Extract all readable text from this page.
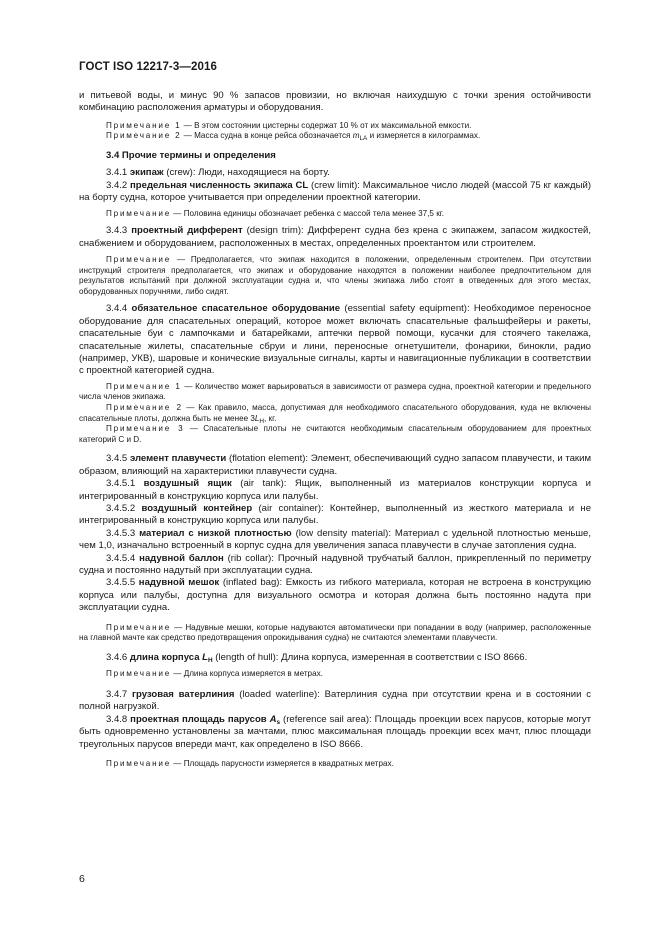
ГОСТ ISO 12217-3—2016

и питьевой воды, и минус 90 % запасов провизии, но включая наихудшую с точки зрения остойчивости комбинацию расположения арматуры и оборудования.

Примечание 1 — В этом состоянии цистерны содержат 10 % от их максимальной емкости.

Примечание 2 — Масса судна в конце рейса обозначается $m_{LA}$ и измеряется в килограммах.

3.4 Прочие термины и определения

3.4.1 экипаж (crew): Люди, находящиеся на борту.

3.4.2 предельная численность экипажа CL (crew limit): Максимальное число людей (массой 75 кг каждый) на борту судна, которое учитывается при определении проектной категории.

Примечание — Половина единицы обозначает ребенка с массой тела менее 37,5 кг.

3.4.3 проектный дифферент (design trim): Дифферент судна без крена с экипажем, запасом жидкостей, снабжением и оборудованием, расположенных в местах, определенных проектантом или строителем.

Примечание — Предполагается, что экипаж находится в положении, определенным строителем. При отсутствии инструкций строителя предполагается, что экипаж и оборудование находятся в положении наиболее предпочтительном для результатов испытаний при должной эксплуатации судна и, что члены экипажа либо стоят в отведенных для этого местах, оборудованных поручнями, либо сидят.

3.4.4 обязательное спасательное оборудование (essential safety equipment): Необходимое переносное оборудование для спасательных операций, которое может включать спасательные фальшфейеры и ракеты, спасательные буи с лампочками и батарейками, аптечки первой помощи, кусачки для стоячего такелажа, спасательные жилеты, спасательные сбруи и лини, переносные огнетушители, фонарики, бинокли, радио (например, УКВ), шаровые и конические визуальные сигналы, карты и навигационные публикации в соответствии с проектной категорией судна.

Примечание 1 — Количество может варьироваться в зависимости от размера судна, проектной категории и предельного числа членов экипажа.

Примечание 2 — Как правило, масса, допустимая для необходимого спасательного оборудования, куда не включены спасательные плоты, должна быть не менее $3L_H$, кг.

Примечание 3 — Спасательные плоты не считаются необходимым спасательным оборудованием для проектных категорий С и D.

3.4.5 элемент плавучести (flotation element): Элемент, обеспечивающий судно запасом плавучести, и таким образом, влияющий на характеристики плавучести судна.

3.4.5.1 воздушный ящик (air tank): Ящик, выполненный из материалов конструкции корпуса и интегрированный в конструкцию корпуса или палубы.

3.4.5.2 воздушный контейнер (air container): Контейнер, выполненный из жесткого материала и не интегрированный в конструкцию корпуса или палубы.

3.4.5.3 материал с низкой плотностью (low density material): Материал с удельной плотностью меньше, чем 1,0, изначально встроенный в корпус судна для увеличения запаса плавучести в случае затопления судна.

3.4.5.4 надувной баллон (rib collar): Прочный надувной трубчатый баллон, прикрепленный по периметру судна и постоянно надутый при эксплуатации судна.

3.4.5.5 надувной мешок (inflated bag): Емкость из гибкого материала, которая не встроена в конструкцию корпуса или палубы, доступна для визуального осмотра и которая должна быть постоянно надута при эксплуатации судна.

Примечание — Надувные мешки, которые надуваются автоматически при попадании в воду (например, расположенные на главной мачте как средство предотвращения опрокидывания судна) не считаются элементами плавучести.

3.4.6 длина корпуса $L_H$ (length of hull): Длина корпуса, измеренная в соответствии с ISO 8666.

Примечание — Длина корпуса измеряется в метрах.

3.4.7 грузовая ватерлиния (loaded waterline): Ватерлиния судна при отсутствии крена и в состоянии с полной нагрузкой.

3.4.8 проектная площадь парусов $A_s$ (reference sail area): Площадь проекции всех парусов, которые могут быть одновременно установлены за мачтами, плюс максимальная площадь проекции всех мачт, плюс площади треугольных парусов впереди мачт, как определено в ISO 8666.

Примечание — Площадь парусности измеряется в квадратных метрах.

6
